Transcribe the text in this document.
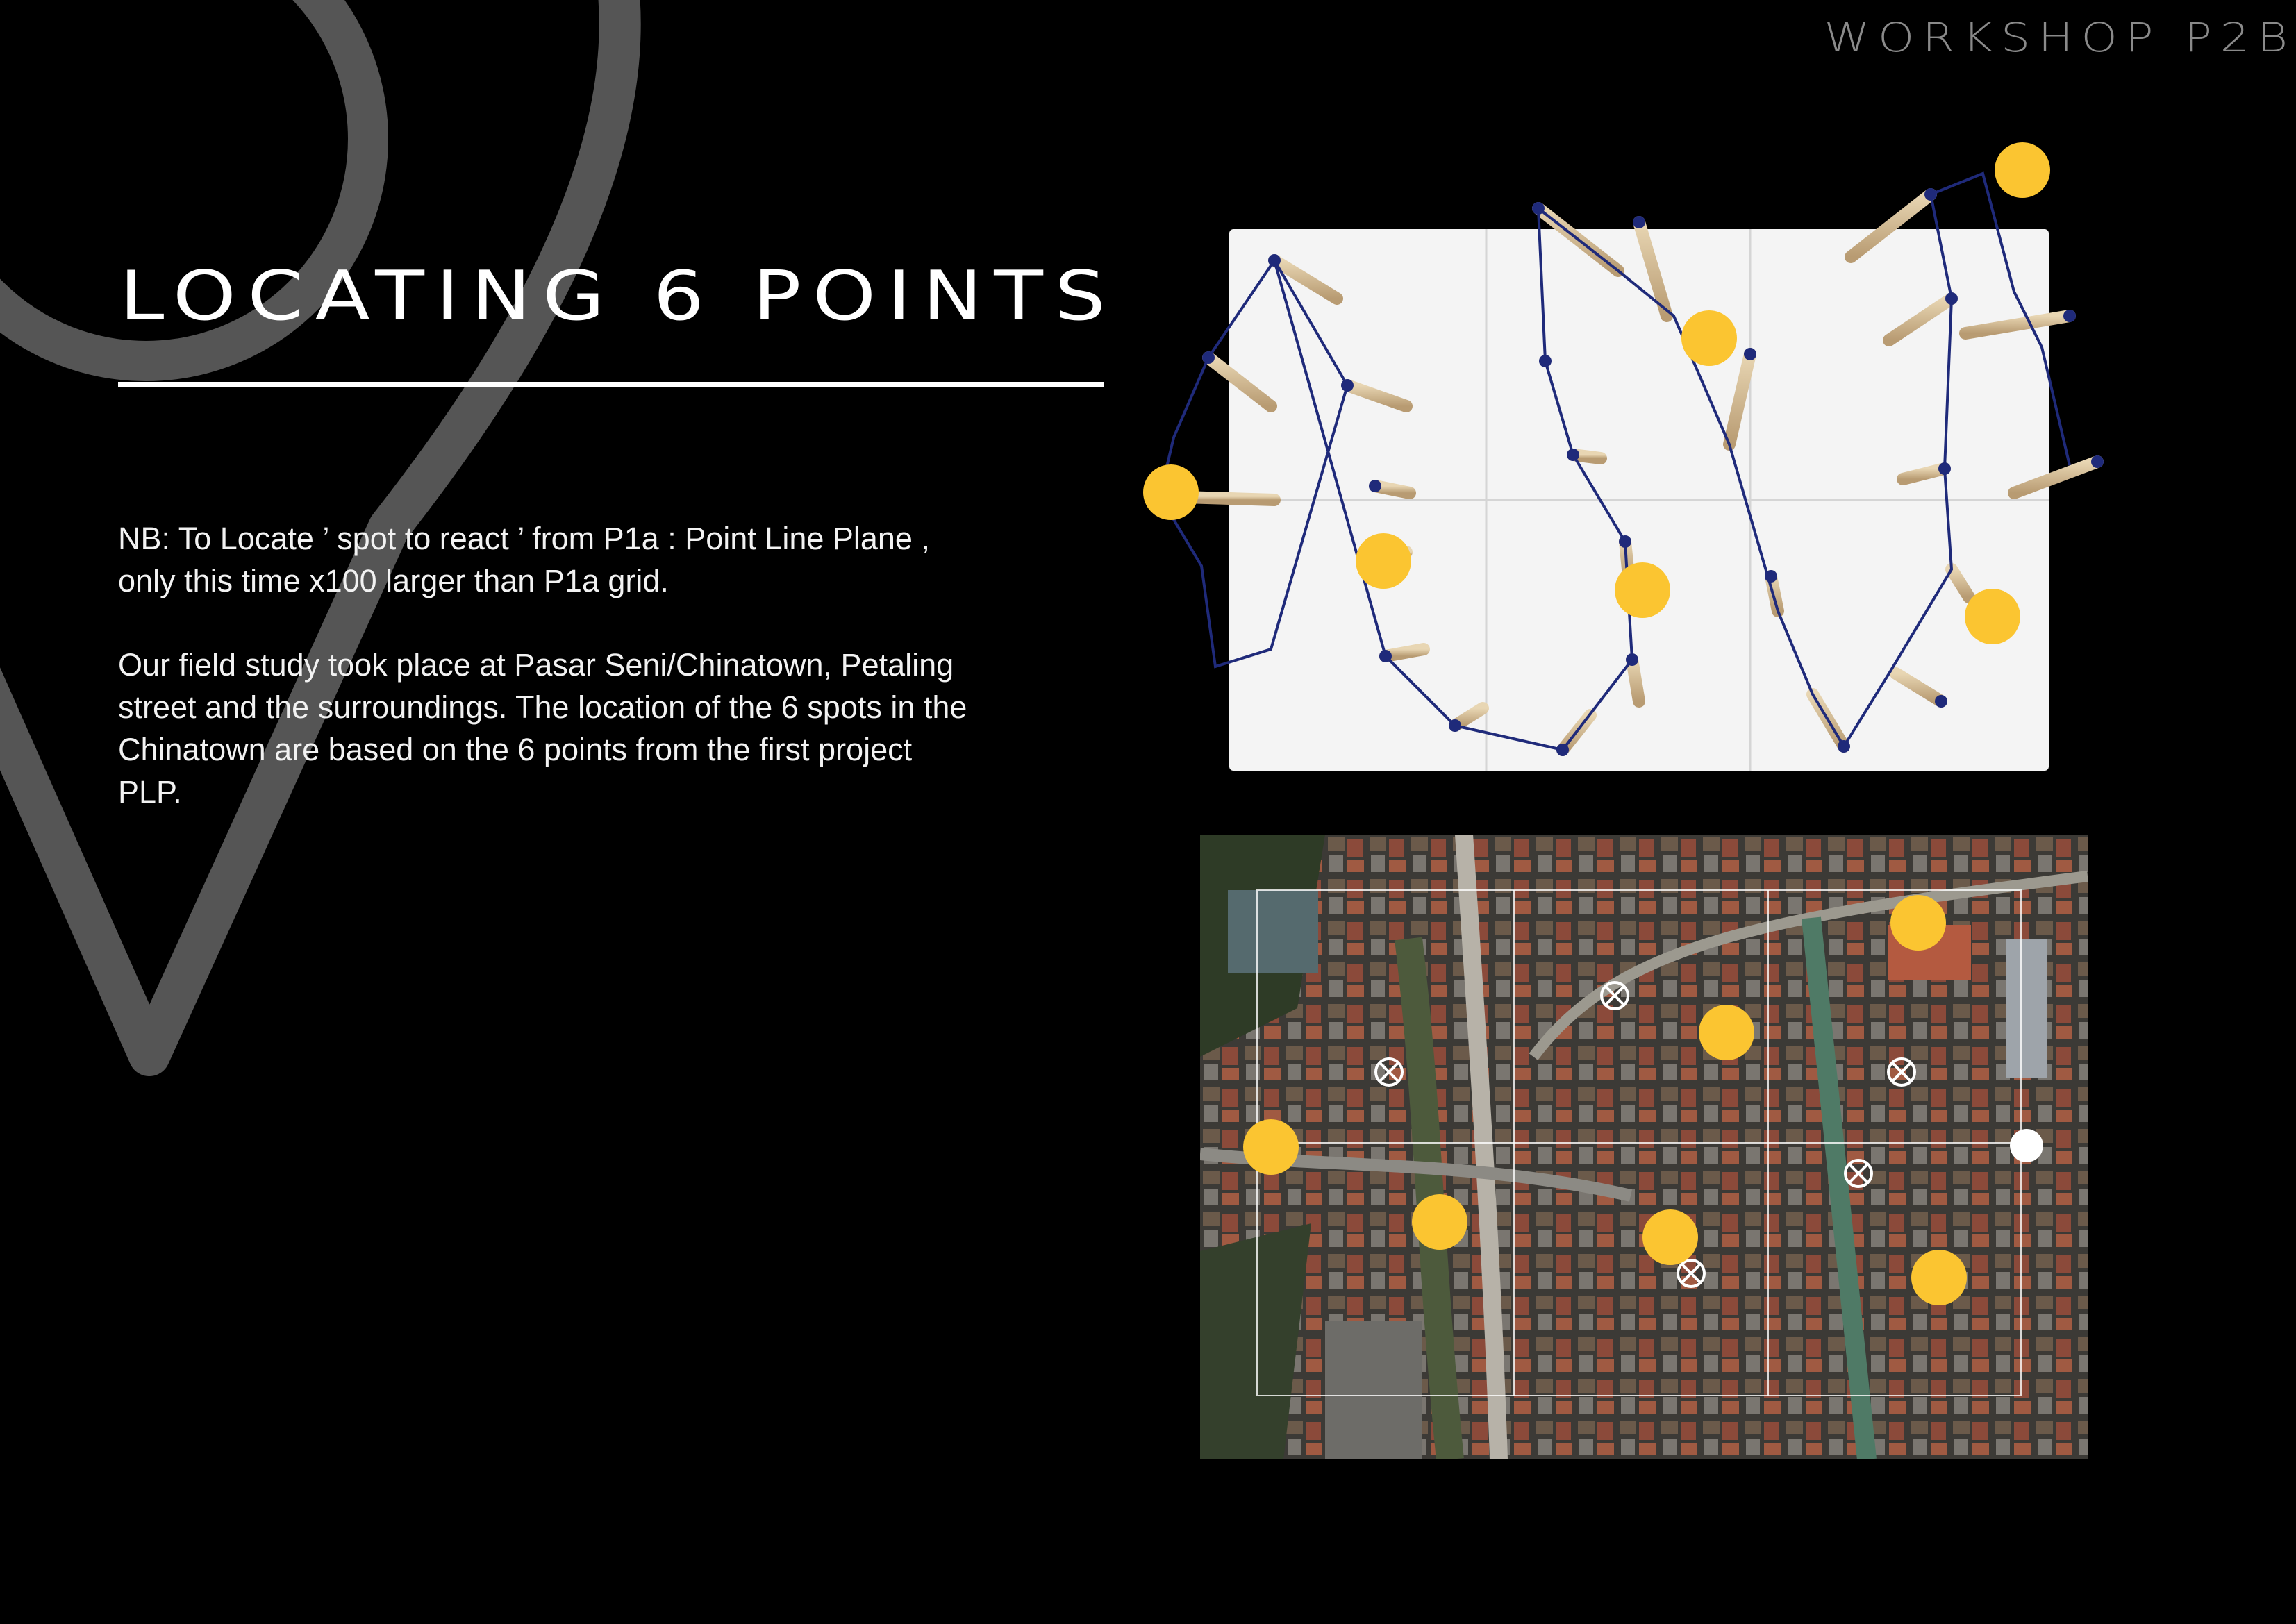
WORKSHOP P2B
LOCATING 6 POINTS

NB: To Locate ’ spot to react ’ from P1a : Point Line Plane , only this time x100 larger than P1a grid.

Our field study took place at Pasar Seni/Chinatown, Petaling street and the surroundings. The location of the 6 spots in the Chinatown are based on the 6 points from the first project PLP.
